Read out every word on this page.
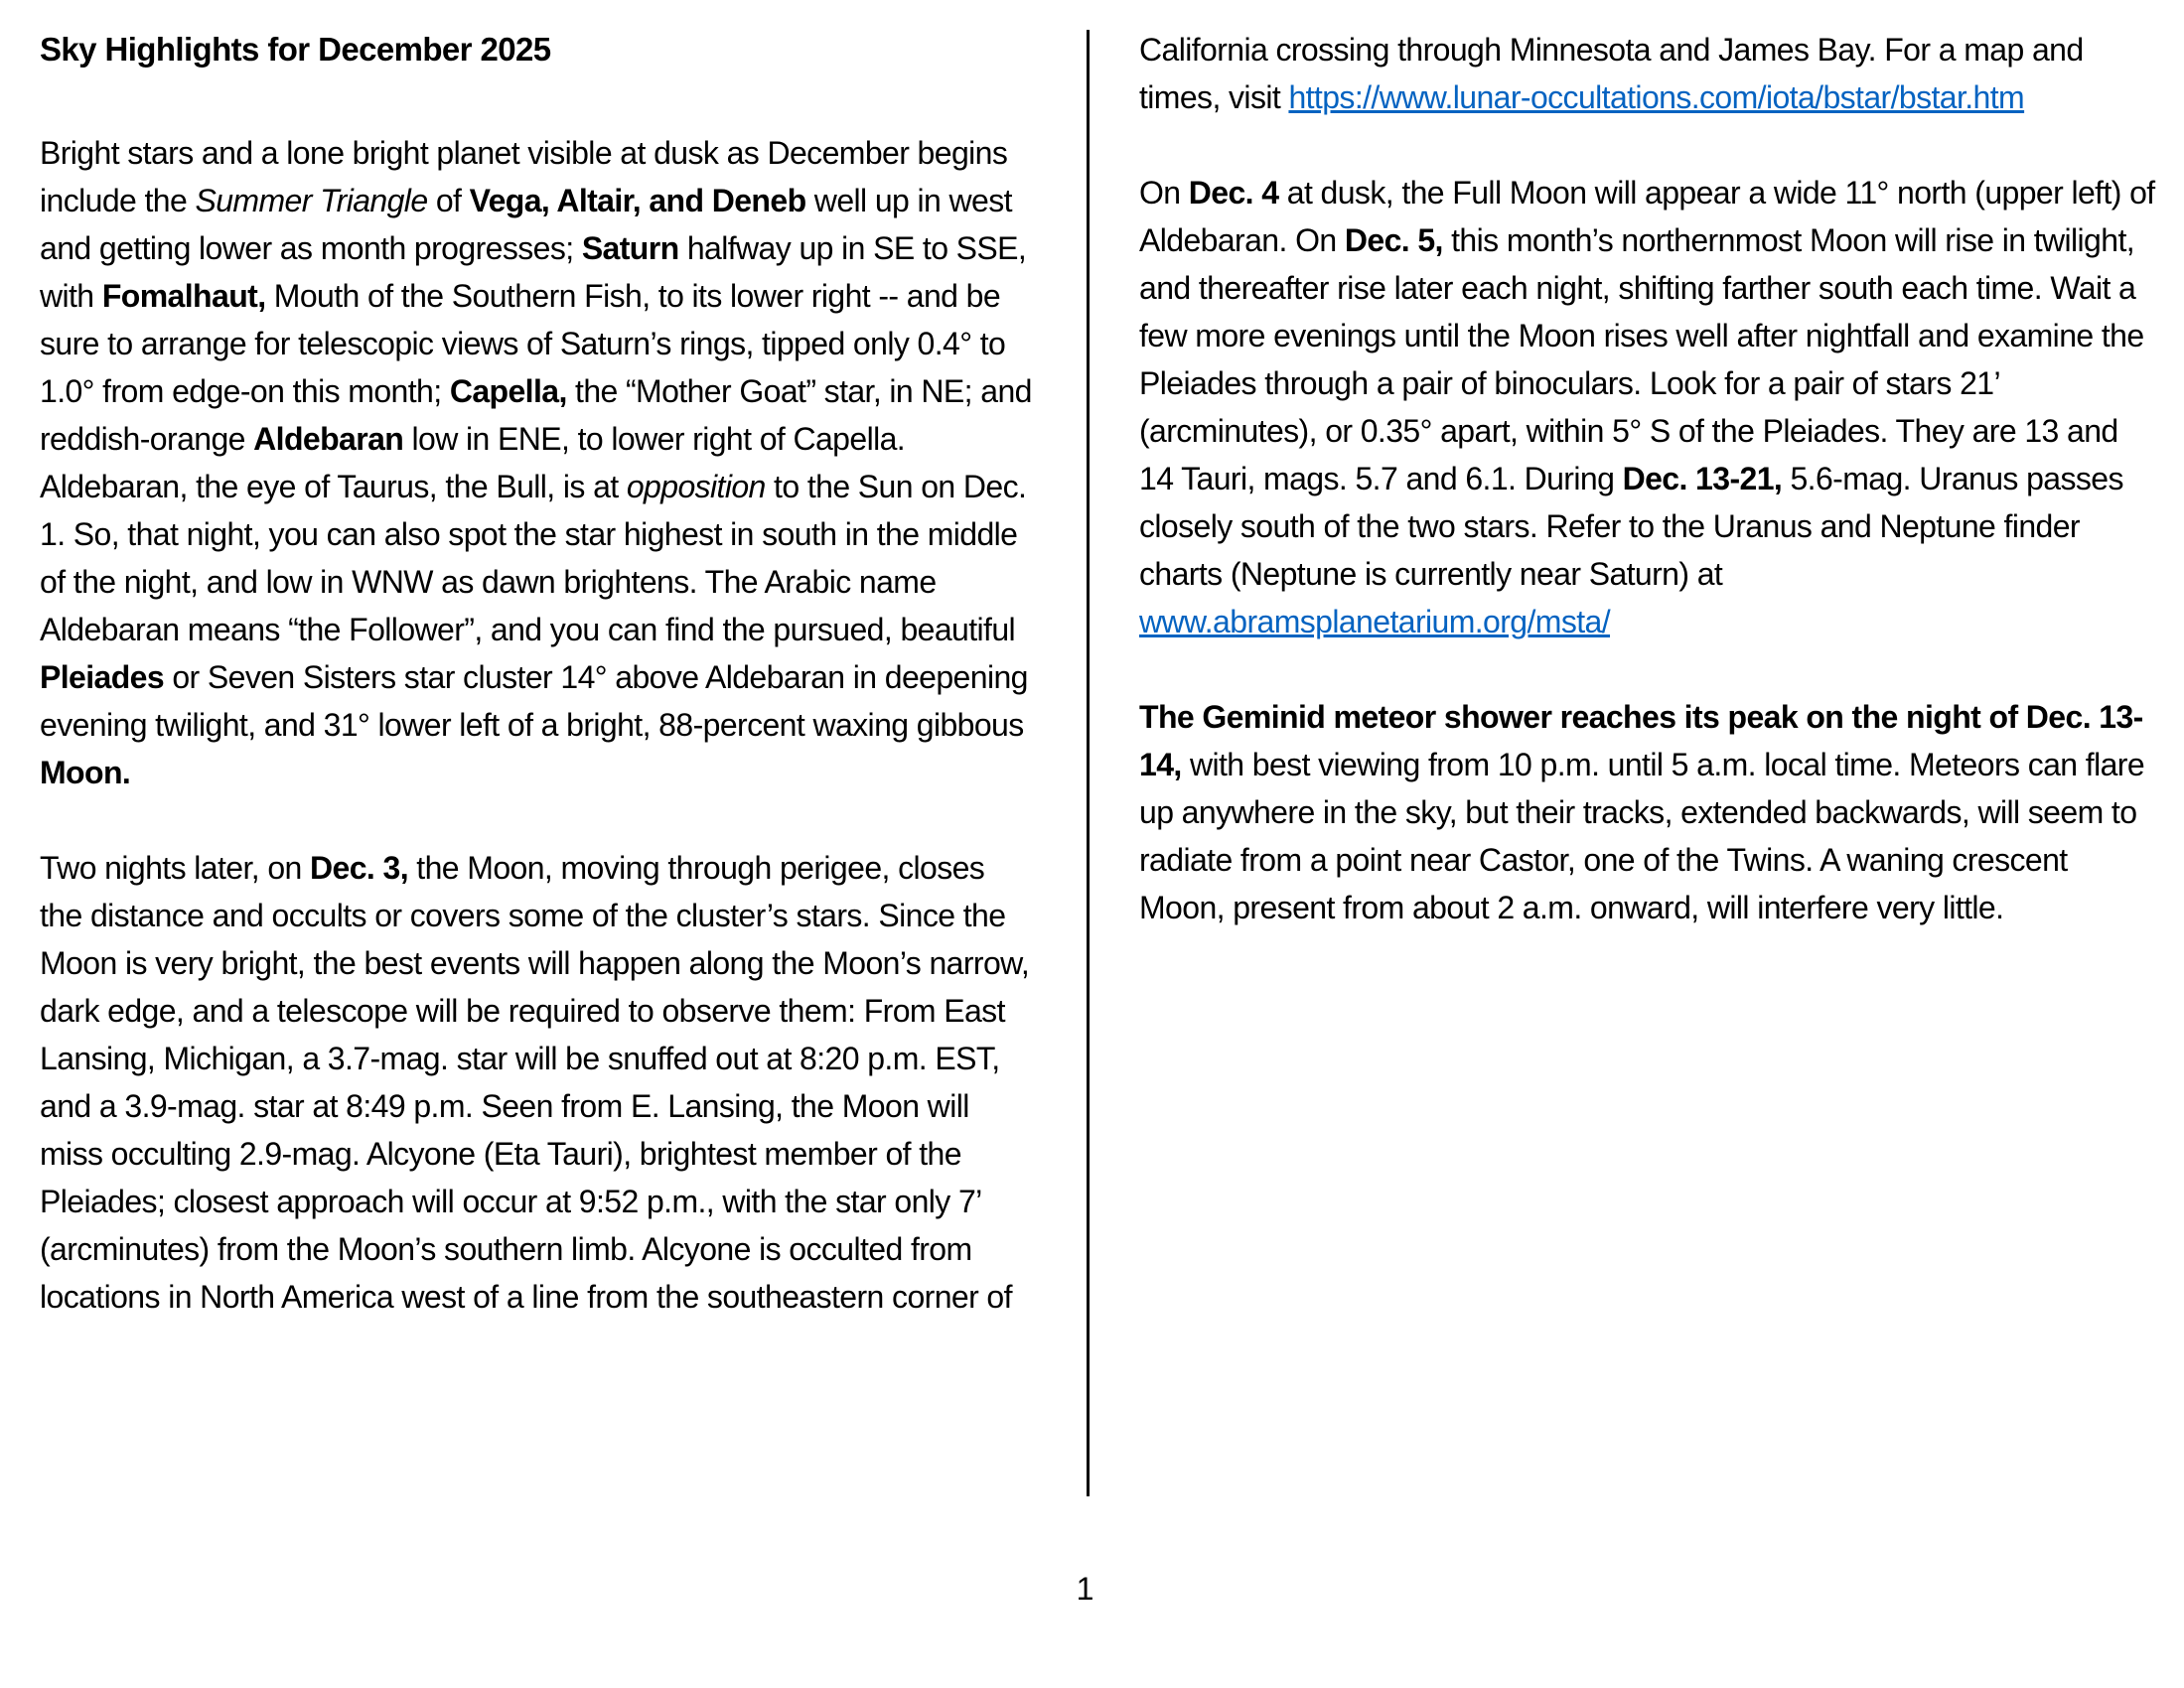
Sky Highlights for December 2025

Bright stars and a lone bright planet visible at dusk as December begins include the Summer Triangle of Vega, Altair, and Deneb well up in west and getting lower as month progresses; Saturn halfway up in SE to SSE, with Fomalhaut, Mouth of the Southern Fish, to its lower right -- and be sure to arrange for telescopic views of Saturn’s rings, tipped only 0.4° to 1.0° from edge-on this month; Capella, the “Mother Goat” star, in NE; and reddish-orange Aldebaran low in ENE, to lower right of Capella. Aldebaran, the eye of Taurus, the Bull, is at opposition to the Sun on Dec. 1. So, that night, you can also spot the star highest in south in the middle of the night, and low in WNW as dawn brightens. The Arabic name Aldebaran means “the Follower”, and you can find the pursued, beautiful Pleiades or Seven Sisters star cluster 14° above Aldebaran in deepening evening twilight, and 31° lower left of a bright, 88-percent waxing gibbous Moon.

Two nights later, on Dec. 3, the Moon, moving through perigee, closes the distance and occults or covers some of the cluster’s stars. Since the Moon is very bright, the best events will happen along the Moon’s narrow, dark edge, and a telescope will be required to observe them: From East Lansing, Michigan, a 3.7-mag. star will be snuffed out at 8:20 p.m. EST, and a 3.9-mag. star at 8:49 p.m. Seen from E. Lansing, the Moon will miss occulting 2.9-mag. Alcyone (Eta Tauri), brightest member of the Pleiades; closest approach will occur at 9:52 p.m., with the star only 7’ (arcminutes) from the Moon’s southern limb. Alcyone is occulted from locations in North America west of a line from the southeastern corner of

California crossing through Minnesota and James Bay. For a map and times, visit https://www.lunar-occultations.com/iota/bstar/bstar.htm

On Dec. 4 at dusk, the Full Moon will appear a wide 11° north (upper left) of Aldebaran. On Dec. 5, this month’s northernmost Moon will rise in twilight, and thereafter rise later each night, shifting farther south each time. Wait a few more evenings until the Moon rises well after nightfall and examine the Pleiades through a pair of binoculars. Look for a pair of stars 21’ (arcminutes), or 0.35° apart, within 5° S of the Pleiades. They are 13 and 14 Tauri, mags. 5.7 and 6.1. During Dec. 13-21, 5.6-mag. Uranus passes closely south of the two stars. Refer to the Uranus and Neptune finder charts (Neptune is currently near Saturn) at www.abramsplanetarium.org/msta/

The Geminid meteor shower reaches its peak on the night of Dec. 13-14, with best viewing from 10 p.m. until 5 a.m. local time. Meteors can flare up anywhere in the sky, but their tracks, extended backwards, will seem to radiate from a point near Castor, one of the Twins. A waning crescent Moon, present from about 2 a.m. onward, will interfere very little.

1
